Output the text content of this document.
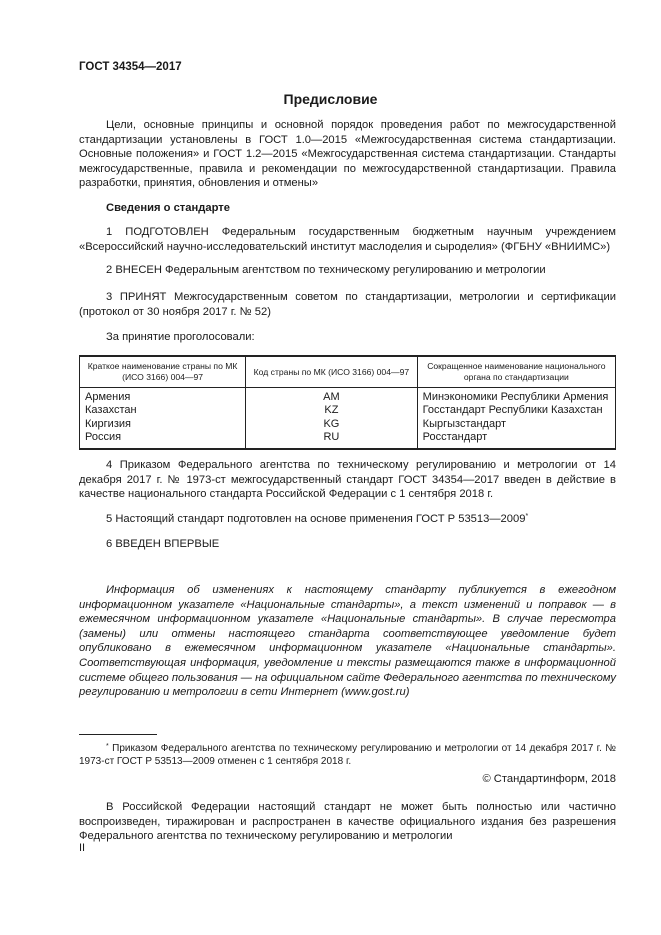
ГОСТ 34354—2017
Предисловие

Цели, основные принципы и основной порядок проведения работ по межгосударственной стандартизации установлены в ГОСТ 1.0—2015 «Межгосударственная система стандартизации. Основные положения» и ГОСТ 1.2—2015 «Межгосударственная система стандартизации. Стандарты межгосударственные, правила и рекомендации по межгосударственной стандартизации. Правила разработки, принятия, обновления и отмены»

Сведения о стандарте

1 ПОДГОТОВЛЕН Федеральным государственным бюджетным научным учреждением «Всероссийский научно-исследовательский институт маслоделия и сыроделия» (ФГБНУ «ВНИИМС»)

2 ВНЕСЕН Федеральным агентством по техническому регулированию и метрологии

3 ПРИНЯТ Межгосударственным советом по стандартизации, метрологии и сертификации (протокол от 30 ноября 2017 г. № 52)

За принятие проголосовали:

Краткое наименование страны по МК (ИСО 3166) 004—97	Код страны по МК (ИСО 3166) 004—97	Сокращенное наименование национального органа по стандартизации
Армения	AM	Минэкономики Республики Армения
Казахстан	KZ	Госстандарт Республики Казахстан
Киргизия	KG	Кыргызстандарт
Россия	RU	Росстандарт

4 Приказом Федерального агентства по техническому регулированию и метрологии от 14 декабря 2017 г. № 1973-ст межгосударственный стандарт ГОСТ 34354—2017 введен в действие в качестве национального стандарта Российской Федерации с 1 сентября 2018 г.

5 Настоящий стандарт подготовлен на основе применения ГОСТ Р 53513—2009*

6 ВВЕДЕН ВПЕРВЫЕ

Информация об изменениях к настоящему стандарту публикуется в ежегодном информационном указателе «Национальные стандарты», а текст изменений и поправок — в ежемесячном информационном указателе «Национальные стандарты». В случае пересмотра (замены) или отмены настоящего стандарта соответствующее уведомление будет опубликовано в ежемесячном информационном указателе «Национальные стандарты». Соответствующая информация, уведомление и тексты размещаются также в информационной системе общего пользования — на официальном сайте Федерального агентства по техническому регулированию и метрологии в сети Интернет (www.gost.ru)

* Приказом Федерального агентства по техническому регулированию и метрологии от 14 декабря 2017 г. № 1973-ст ГОСТ Р 53513—2009 отменен с 1 сентября 2018 г.

© Стандартинформ, 2018

В Российской Федерации настоящий стандарт не может быть полностью или частично воспроизведен, тиражирован и распространен в качестве официального издания без разрешения Федерального агентства по техническому регулированию и метрологии

II
